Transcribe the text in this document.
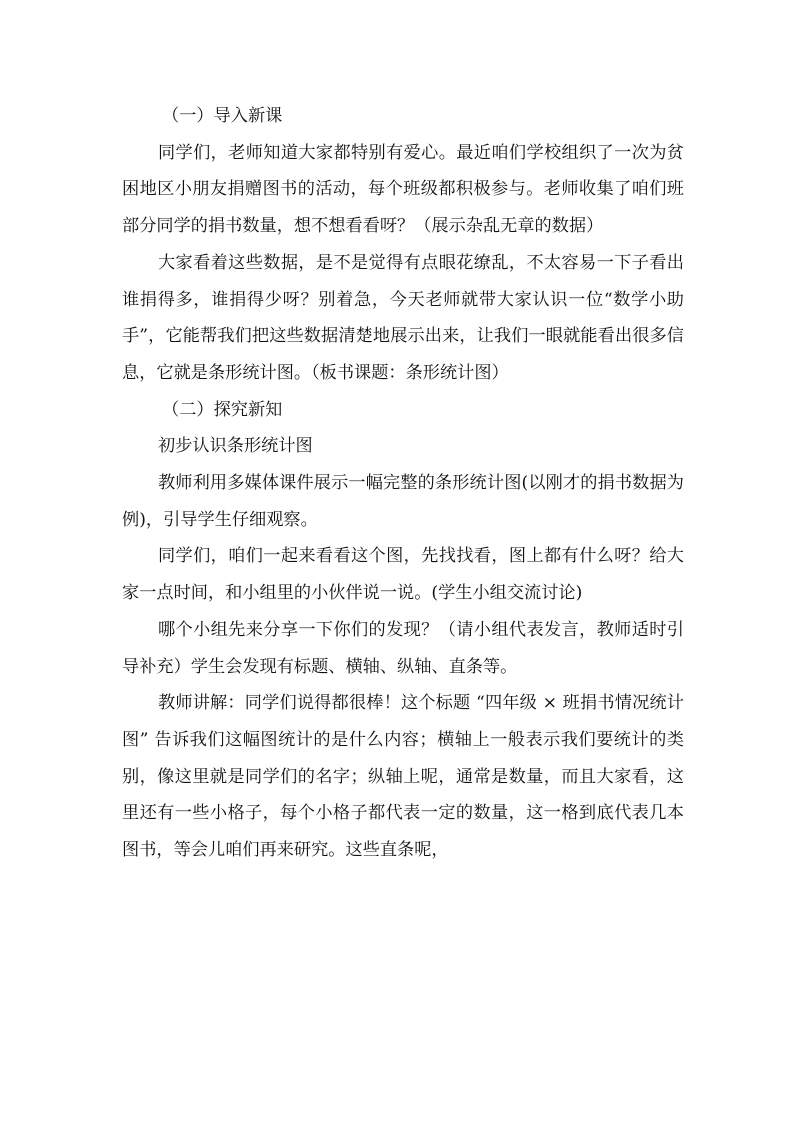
（一）导入新课

同学们，老师知道大家都特别有爱心。最近咱们学校组织了一次为贫困地区小朋友捐赠图书的活动，每个班级都积极参与。老师收集了咱们班部分同学的捐书数量，想不想看看呀？（展示杂乱无章的数据）

大家看着这些数据，是不是觉得有点眼花缭乱，不太容易一下子看出谁捐得多，谁捐得少呀？别着急，今天老师就带大家认识一位“数学小助手”，它能帮我们把这些数据清楚地展示出来，让我们一眼就能看出很多信息，它就是条形统计图。（板书课题：条形统计图）

（二）探究新知

初步认识条形统计图

教师利用多媒体课件展示一幅完整的条形统计图(以刚才的捐书数据为例)，引导学生仔细观察。

同学们，咱们一起来看看这个图，先找找看，图上都有什么呀？给大家一点时间，和小组里的小伙伴说一说。(学生小组交流讨论)

哪个小组先来分享一下你们的发现？（请小组代表发言，教师适时引导补充）学生会发现有标题、横轴、纵轴、直条等。

教师讲解：同学们说得都很棒！这个标题 “四年级 × 班捐书情况统计图” 告诉我们这幅图统计的是什么内容；横轴上一般表示我们要统计的类别，像这里就是同学们的名字；纵轴上呢，通常是数量，而且大家看，这里还有一些小格子，每个小格子都代表一定的数量，这一格到底代表几本图书，等会儿咱们再来研究。这些直条呢，
